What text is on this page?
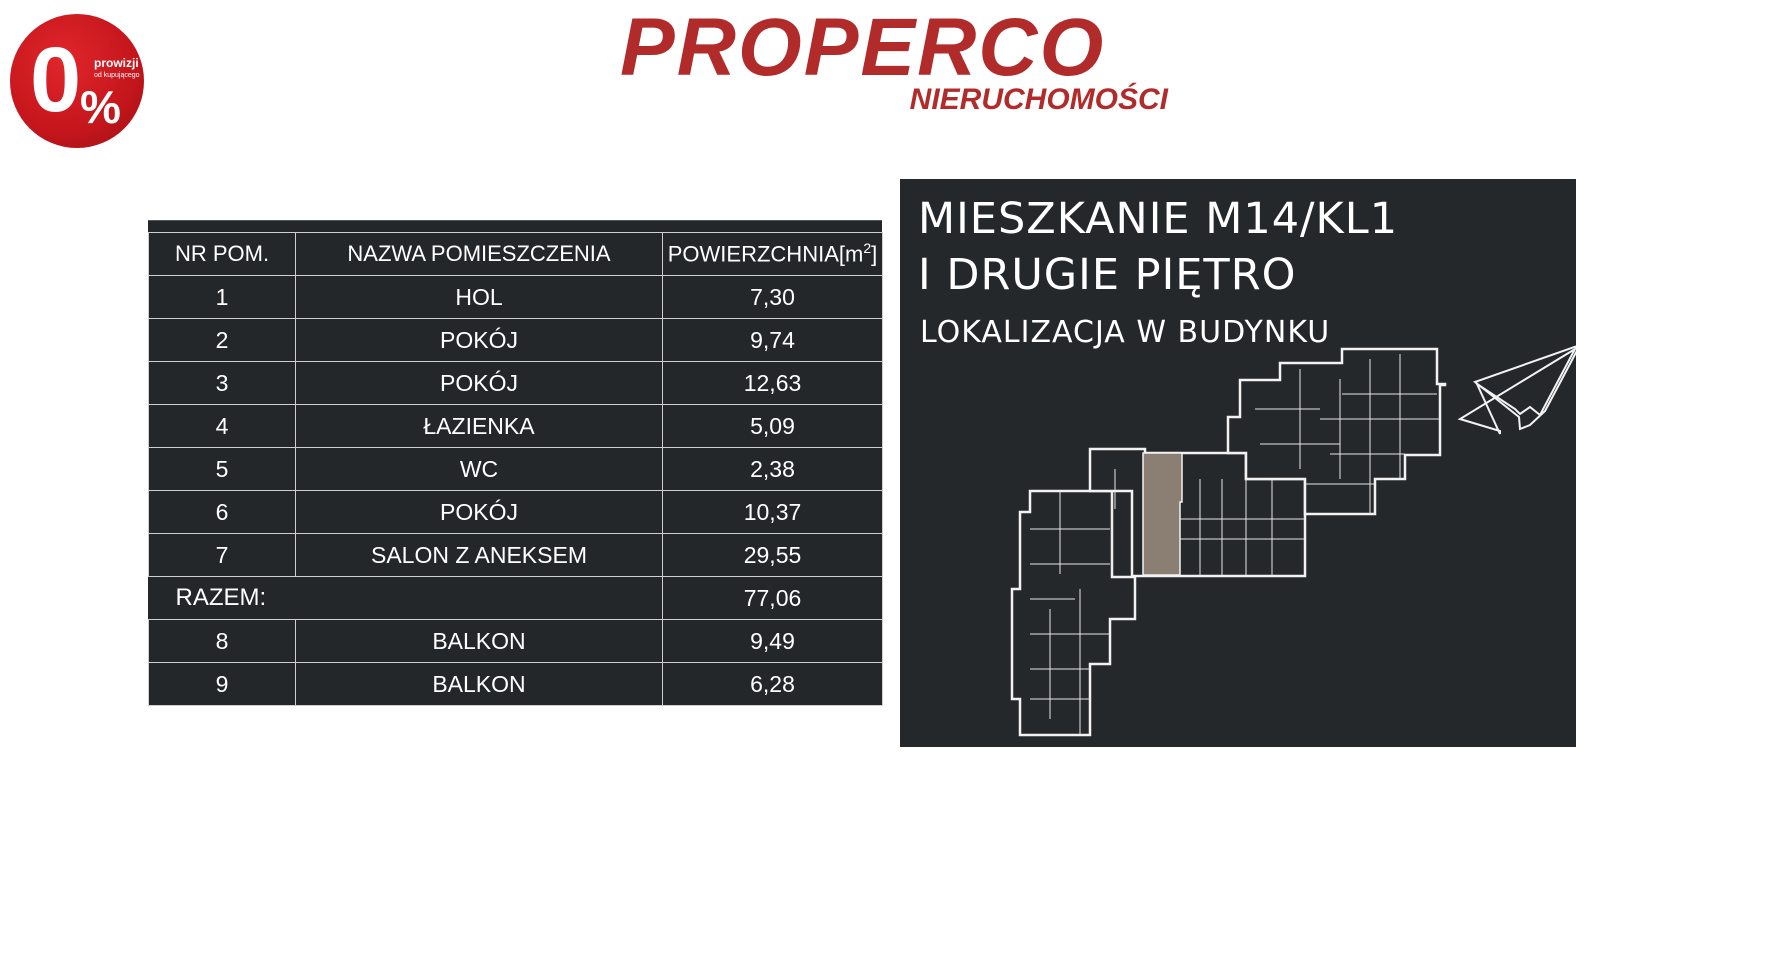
0
%
prowizji
od kupującego	PROPERCO
NIERUCHOMOŚCI
NR POM.	NAZWA POMIESZCZENIA	$POWIERZCHNIA[m^2]$
1	HOL	7,30
2	POKÓJ	9,74
3	POKÓJ	12,63
4	ŁAZIENKA	5,09
5	WC	2,38
6	POKÓJ	10,37
7	SALON Z ANEKSEM	29,55
RAZEM:		77,06
8	BALKON	9,49
9	BALKON	6,28
MIESZKANIE M14/KL1
I DRUGIE PIĘTRO
LOKALIZACJA W BUDYNKU
